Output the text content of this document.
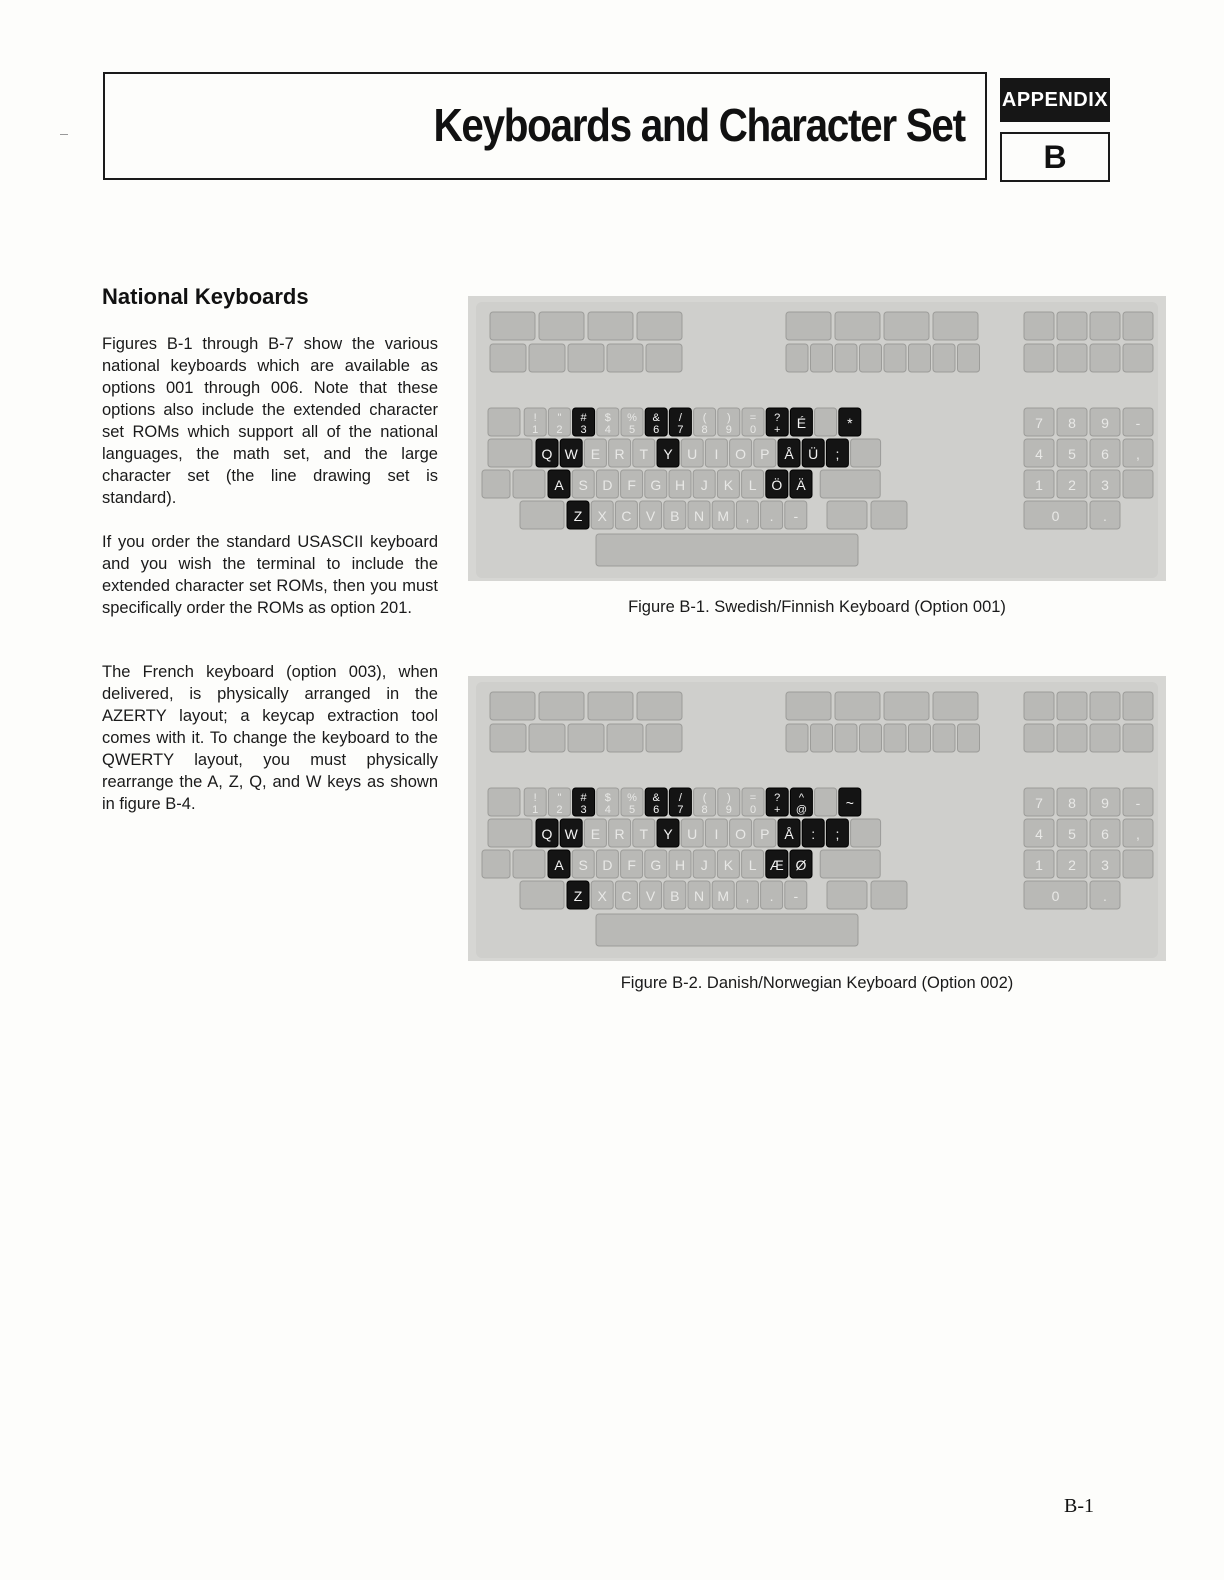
Keyboards and Character Set APPENDIX
B
National Keyboards

Figures B-1 through B-7 show the various national keyboards which are available as options 001 through 006. Note that these options also include the extended character set ROMs which support all of the national languages, the math set, and the large character set (the line drawing set is standard).

If you order the standard USASCII keyboard and you wish the terminal to include the extended character set ROMs, then you must specifically order the ROMs as option 201.

The French keyboard (option 003), when delivered, is physically arranged in the AZERTY layout; a keycap extraction tool comes with it. To change the keyboard to the QWERTY layout, you must physically rearrange the A, Z, Q, and W keys as shown in figure B-4.

!
1
"
2
#
3
$
4
%
5
&
6
/
7
(
8
)
9
=
0
?
+ É	*
Q W E R T Y U I O P Å Ü ;
A S D F G H J K L Ö Ä
Z X C V B N M , . -
7 8 9 -
4 5 6 ,
1 2 3
0	.

Figure B-1. Swedish/Finnish Keyboard (Option 001)

!
1
"
2
#
3
$
4
%
5
&
6
/
7
(
8
)
9
=
0
?
+
^
@	~
Q W E R T Y U I O P Å : ;
A S D F G H J K L Æ Ø
Z X C V B N M , . -
7 8 9 -
4 5 6 ,
1 2 3
0	.

Figure B-2. Danish/Norwegian Keyboard (Option 002)

B-1
